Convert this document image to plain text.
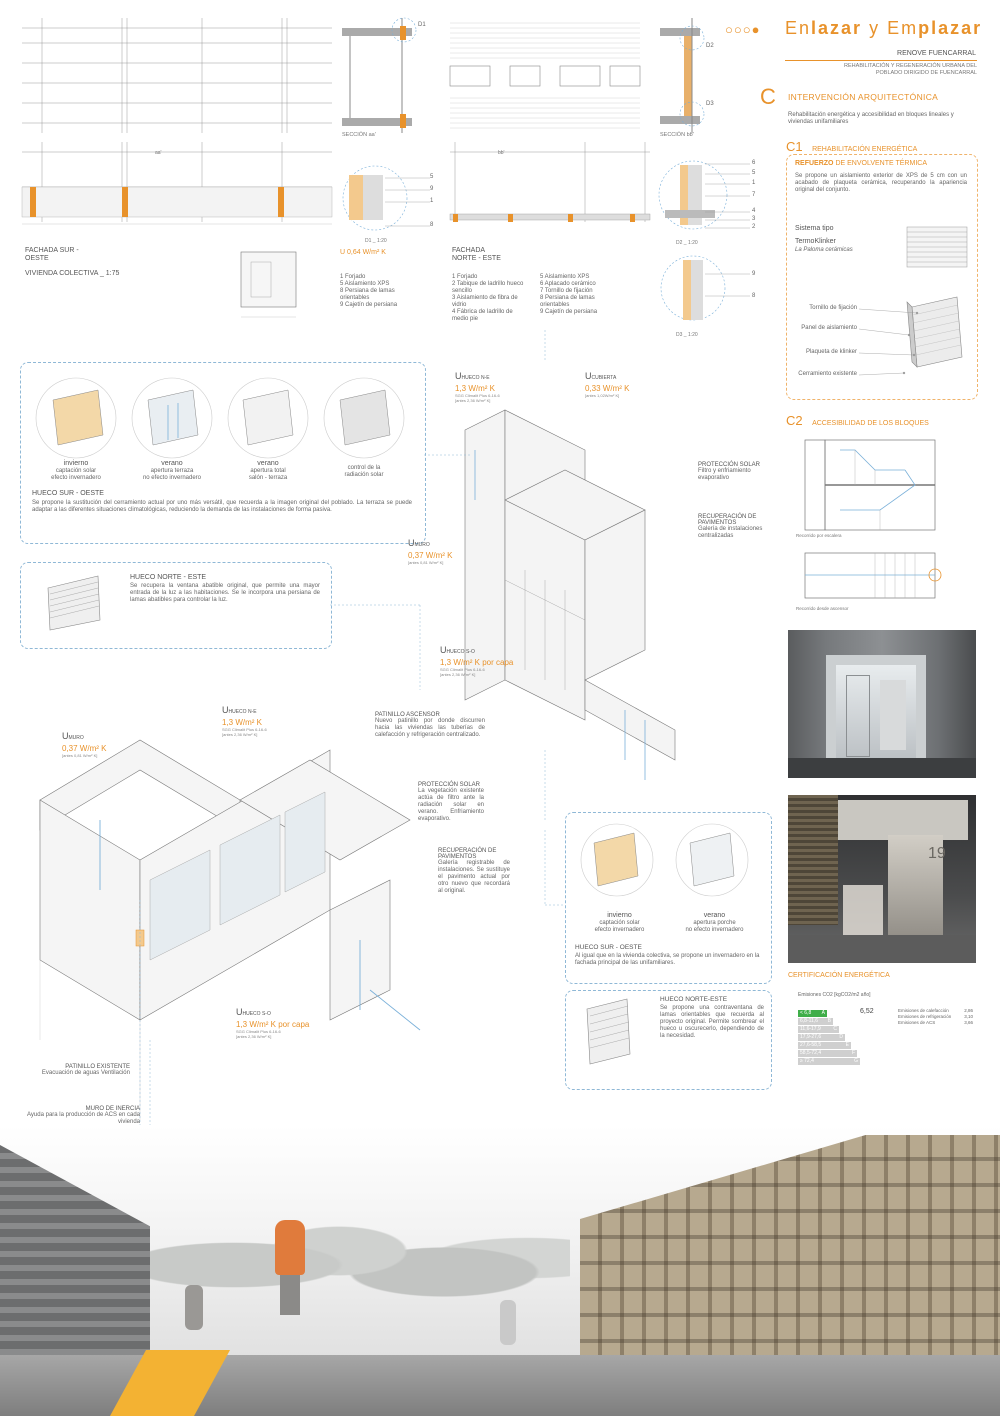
○○○● Enlazar y Emplazar
RENOVE FUENCARRAL
REHABILITACIÓN Y REGENERACIÓN URBANA DEL
POBLADO DIRIGIDO DE FUENCARRAL
C INTERVENCIÓN ARQUITECTÓNICA
Rehabilitación energética y accesibilidad en bloques lineales y viviendas unifamiliares
C1 REHABILITACIÓN ENERGÉTICA
REFUERZO DE ENVOLVENTE TÉRMICA
Se propone un aislamiento exterior de XPS de 5 cm con un acabado de plaqueta cerámica, recuperando la apariencia original del conjunto.
Sistema tipo
TermoKlinker
La Paloma cerámicas
Tornillo de fijación
Panel de aislamiento
Plaqueta de klinker
Cerramiento existente
C2 ACCESIBILIDAD DE LOS BLOQUES
Recorrido por escalera
Recorrido desde ascensor
19
CERTIFICACIÓN ENERGÉTICA
Emisiones CO2 [kgCO2/m2 año]
< 6,8 A
6,8-11,6 B
11,6-17,9	C
17,9-27,6	D
27,6-58,5	E
58,5-72,4	F
≥ 72,4	G
6,52	Emisiones de calefacción	2,86
Emisiones de refrigeración	3,10
Emisiones de ACS	3,66
D1
SECCIÓN aa'
D2
D3
SECCIÓN bb'
aa'
FACHADA SUR - OESTE
VIVIENDA COLECTIVA _ 1:75
5
9
1
8
D1 _ 1:20
U 0,64 W/m² K
1 Forjado
5 Aislamiento XPS
8 Persiana de lamas
orientables
9 Cajetín de persiana
bb'
FACHADA NORTE - ESTE
1 Forjado
2 Tabique de ladrillo hueco
sencillo
3 Aislamiento de fibra de
vidrio
4 Fábrica de ladrillo de
medio pie
5 Aislamiento XPS
6 Aplacado cerámico
7 Tornillo de fijación
8 Persiana de lamas
orientables
9 Cajetín de persiana
6
5
1
7
4
3
2
D2 _ 1:20
9
8
D3 _ 1:20
invierno
captación solar
efecto invernadero
verano
apertura terraza
no efecto invernadero
verano
apertura total
salón - terraza
control de la
radiación solar
HUECO SUR - OESTE
Se propone la sustitución del cerramiento actual por uno más versátil, que recuerda a la imagen original del poblado. La terraza se puede adaptar a las diferentes situaciones climatológicas, reduciendo la demanda de las instalaciones de forma pasiva.
HUECO NORTE - ESTE
Se recupera la ventana abatible original, que permite una mayor entrada de la luz a las habitaciones. Se le incorpora una persiana de lamas abatibles para controlar la luz.
UHUECO N-E
1,3 W/m² K
SGG Climalit Plus 6-16-6
[antes 2,36 W/m² K]
UCUBIERTA
0,33 W/m² K
[antes 1,02W/m² K]
UMURO
0,37 W/m² K
[antes 0,81 W/m² K]
UHUECO S-O
1,3 W/m² K por capa
SGG Climalit Plus 6-16-6
[antes 2,36 W/m² K]
PROTECCIÓN SOLAR
Filtro y enfriamiento evaporativo
RECUPERACIÓN DE PAVIMENTOS
Galería de instalaciones centralizadas
UHUECO N-E
1,3 W/m² K
SGG Climalit Plus 6-16-6
[antes 2,36 W/m² K]
UMURO
0,37 W/m² K
[antes 0,81 W/m² K]
UHUECO S-O
1,3 W/m² K por capa
SGG Climalit Plus 6-16-6
[antes 2,36 W/m² K]
PATINILLO ASCENSOR
Nuevo patinillo por donde discurren hacia las viviendas las tuberías de calefacción y refrigeración centralizado.
PROTECCIÓN SOLAR
La vegetación existente actúa de filtro ante la radiación solar en verano. Enfriamiento evaporativo.
RECUPERACIÓN DE PAVIMENTOS
Galería registrable de instalaciones. Se sustituye el pavimento actual por otro nuevo que recordará al original.
PATINILLO EXISTENTE
Evacuación de aguas Ventilación
MURO DE INERCIA
Ayuda para la producción de ACS en cada vivienda
invierno
captación solar
efecto invernadero
verano
apertura porche
no efecto invernadero
HUECO SUR - OESTE
Al igual que en la vivienda colectiva, se propone un invernadero en la fachada principal de las unifamiliares.
HUECO NORTE-ESTE
Se propone una contraventana de lamas orientables que recuerda al proyecto original. Permite sombrear el hueco u oscurecerlo, dependiendo de la necesidad.
